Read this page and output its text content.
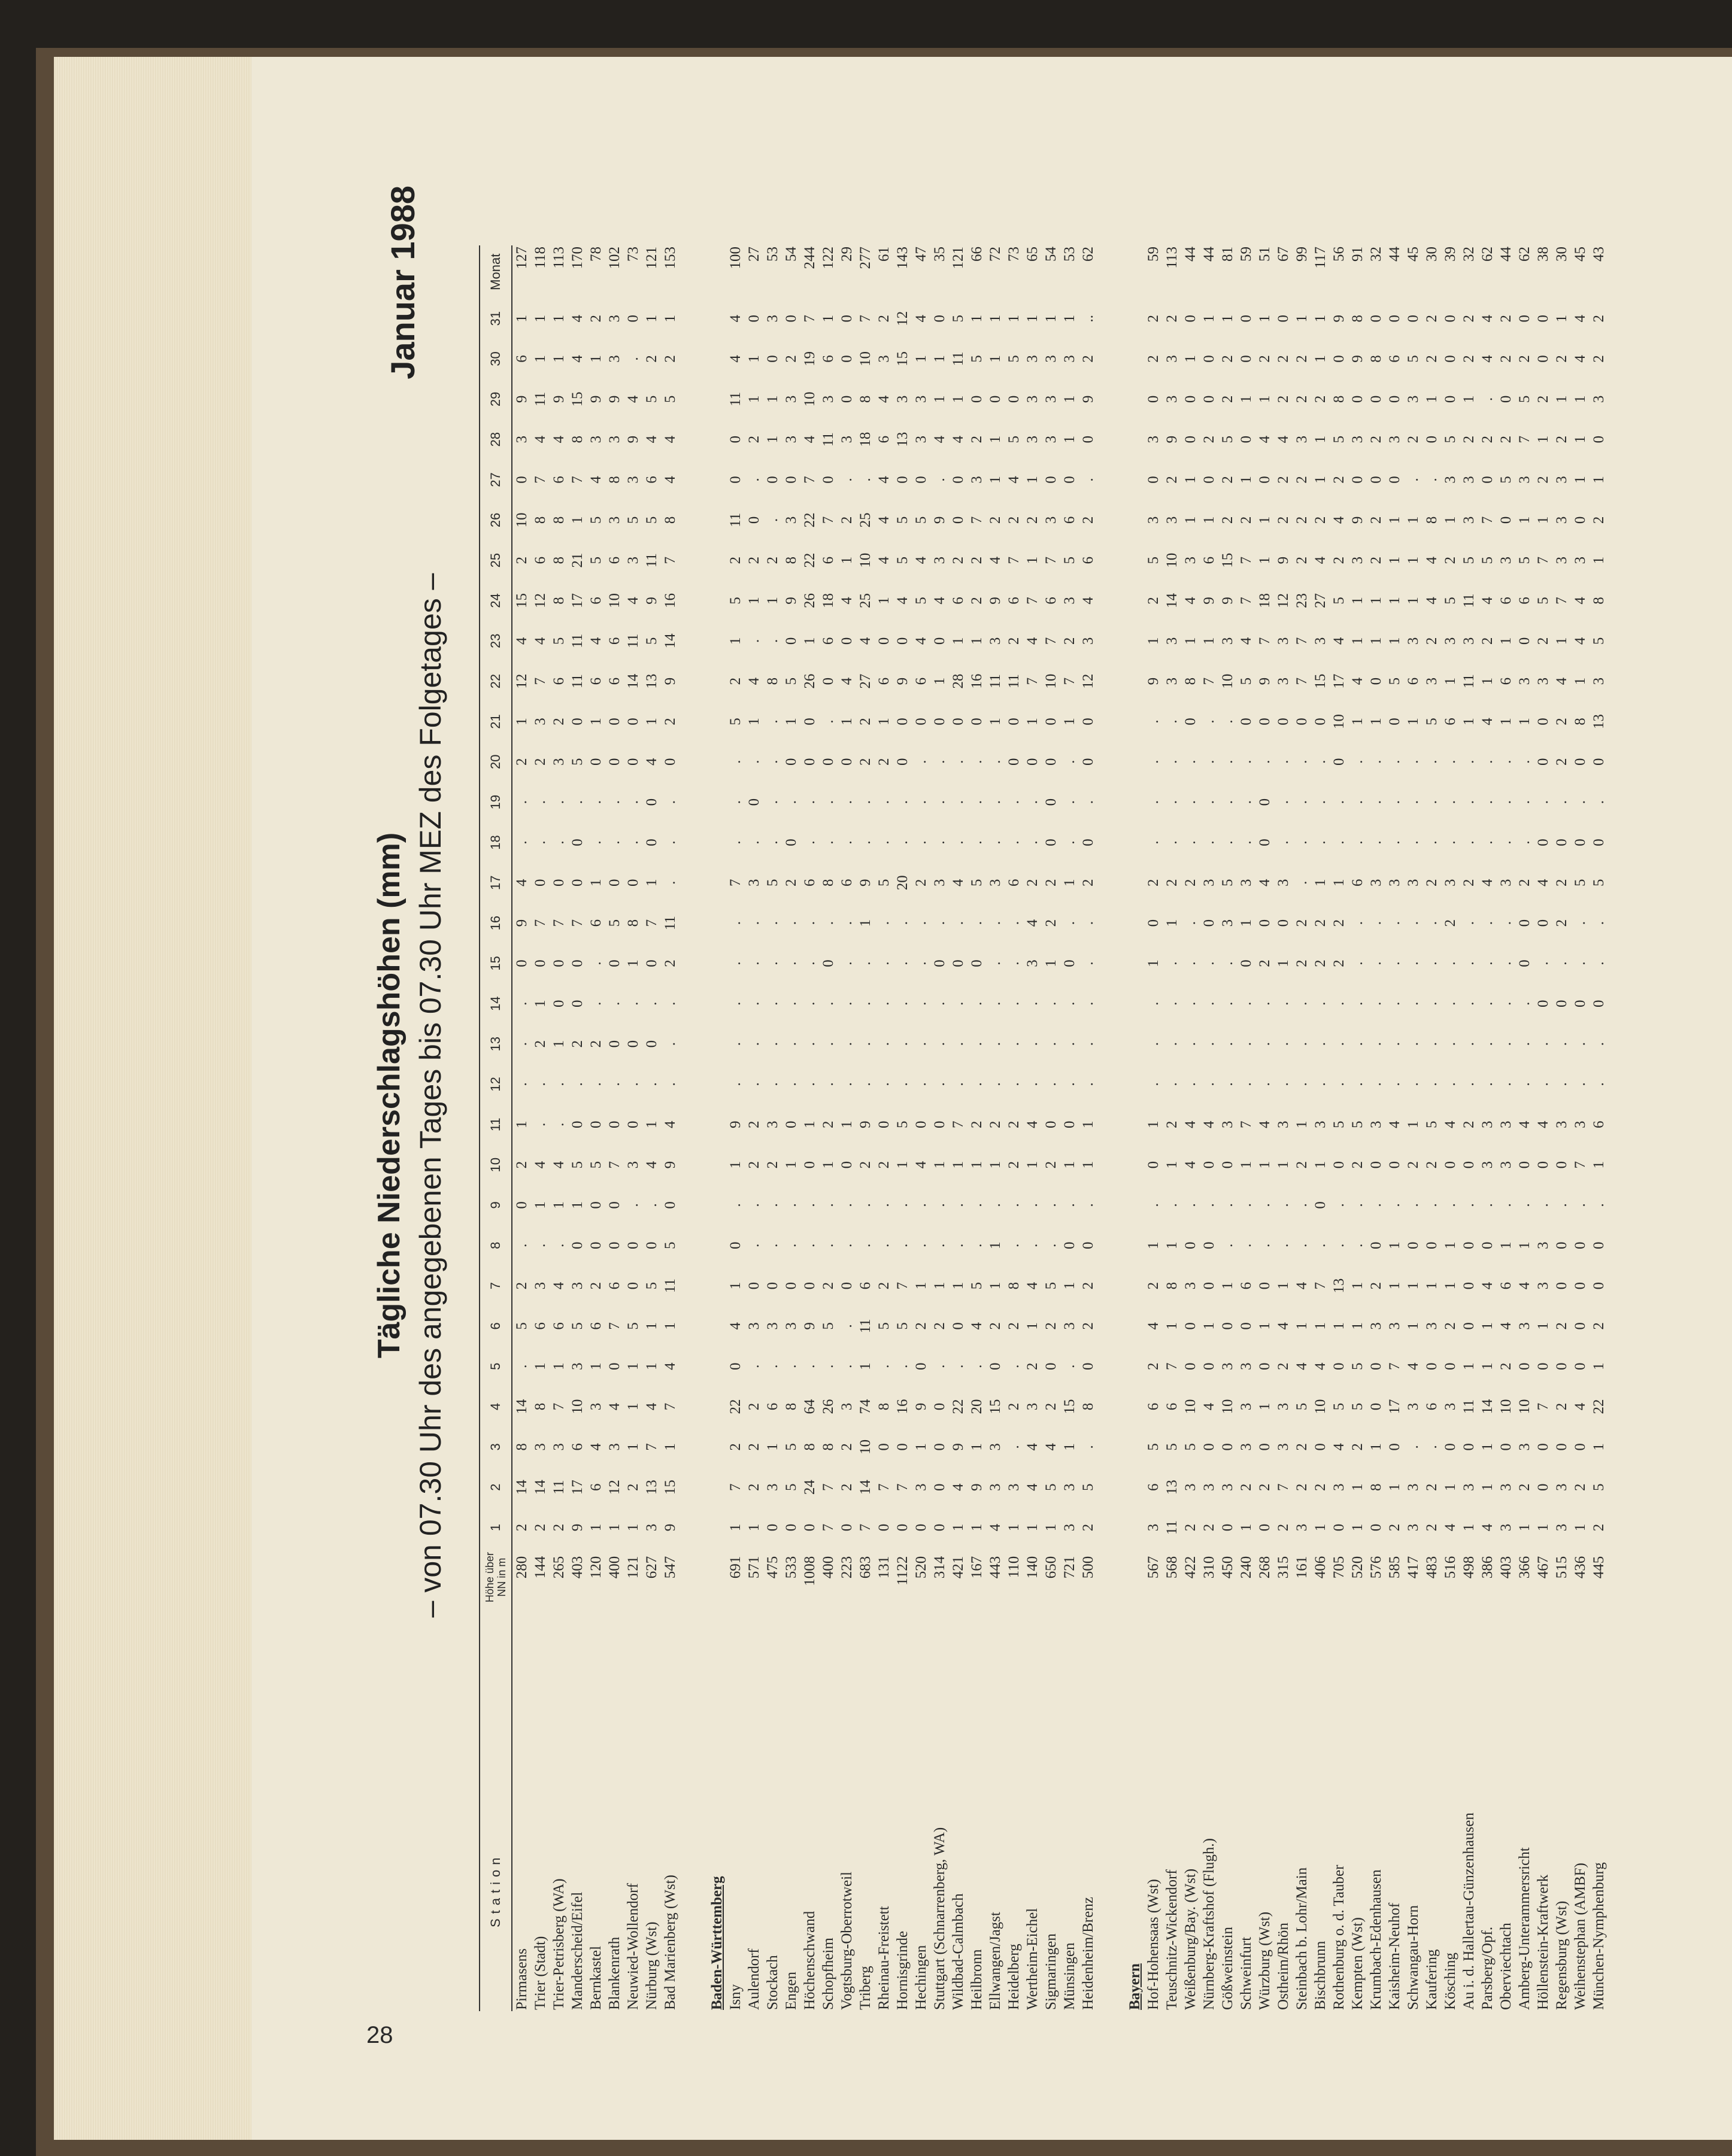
28
Januar 1988
Tägliche Niederschlagshöhen (mm) – von 07.30 Uhr des angegebenen Tages bis 07.30 Uhr MEZ des Folgetages –
Station	Höhe über NN in m	1	2	3	4	5	6	7	8	9	10	11	12	13	14	15	16	17	18	19	20	21	22	23	24	25	26	27	28	29	30	31	Monat
Pirmasens	280	2	14	8	14	.	5	2	.	0	2	1	.	.	.	0	9	4	.	.	2	1	12	4	15	2	10	0	3	9	6	1	127
Trier (Stadt)	144	2	14	3	8	1	6	3	.	1	4	.	.	2	1	0	7	0	.	.	2	3	7	4	12	6	8	7	4	11	1	1	118
Trier-Petrisberg (WA)	265	2	11	3	7	1	6	4	.	1	4	.	.	1	0	0	7	0	.	.	3	2	6	5	8	8	8	6	4	9	1	1	113
Manderscheid/Eifel	403	9	17	6	10	3	5	3	0	1	5	0	.	2	0	0	7	0	0	.	5	0	11	11	17	21	1	7	8	15	4	4	170
Bernkastel	120	1	6	4	3	1	6	2	0	0	5	0	.	2	.	.	6	1	.	.	0	1	6	4	6	5	5	4	3	9	1	2	78
Blankenrath	400	1	12	3	4	0	7	6	0	0	7	0	.	0	.	0	5	0	.	.	0	0	6	6	10	6	3	8	3	9	3	3	102
Neuwied-Wollendorf	121	1	2	1	1	1	5	0	0	.	3	0	.	0	.	1	8	0	.	.	0	0	14	11	4	3	5	3	9	4	.	0	73
Nürburg (Wst)	627	3	13	7	4	1	1	5	0	.	4	1	.	0	.	0	7	1	0	0	4	1	13	5	9	11	5	6	4	5	2	1	121
Bad Marienberg (Wst)	547	9	15	1	7	4	1	11	5	0	9	4	.	.	.	2	11	.	.	.	0	2	9	14	16	7	8	4	4	5	2	1	153

Baden-Württemberg																																	
Isny	691	1	7	2	22	0	4	1	0	.	1	9	.	.	.	.	.	7	.	.	.	5	2	1	5	2	11	0	0	11	4	4	100
Aulendorf	571	1	2	2	2	.	3	0	.	.	2	2	.	.	.	.	.	3	.	0	.	1	4	.	1	2	0	.	2	1	1	0	27
Stockach	475	0	3	1	6	.	3	0	.	.	2	3	.	.	.	.	.	5	.	.	.	.	8	.	1	2	.	0	1	1	0	3	53
Engen	533	0	5	5	8	.	3	0	.	.	1	0	.	.	.	.	.	2	0	.	0	1	5	0	9	8	3	0	3	3	2	0	54
Höchenschwand	1008	0	24	8	64	.	9	0	.	.	0	1	.	.	.	.	.	6	.	.	0	0	26	1	26	22	22	7	4	10	19	7	244
Schopfheim	400	7	7	8	26	.	5	2	.	.	1	2	.	.	.	0	.	8	.	.	0	.	0	6	18	6	7	0	11	3	6	1	122
Vogtsburg-Oberrotweil	223	0	2	2	3	.	.	0	.	.	0	1	.	.	.	.	.	6	.	.	0	1	4	0	4	1	2	.	3	0	0	0	29
Triberg	683	7	14	10	74	1	11	6	.	.	2	9	.	.	.	.	1	9	.	.	2	2	27	4	25	10	25	.	18	8	10	7	277
Rheinau-Freistett	131	0	7	0	8	.	5	2	.	.	2	0	.	.	.	.	.	5	.	.	2	1	6	0	1	4	4	4	6	4	3	2	61
Hornisgrinde	1122	0	7	0	16	.	5	7	.	.	1	5	.	.	.	.	.	20	.	.	0	0	9	0	4	5	5	0	13	3	15	12	143
Hechingen	520	0	3	1	9	0	2	1	.	.	4	0	.	.	.	.	.	2	.	.	.	0	6	4	5	4	5	0	3	3	1	4	47
Stuttgart (Schnarrenberg, WA)	314	0	0	0	0	.	2	1	.	.	1	0	.	.	.	0	.	3	.	.	.	0	1	0	4	3	9	.	4	1	1	0	35
Wildbad-Calmbach	421	1	4	9	22	.	0	1	.	.	1	7	.	.	.	0	.	4	.	.	.	0	28	1	6	2	0	0	4	1	11	5	121
Heilbronn	167	1	9	1	20	.	4	5	.	.	1	2	.	.	.	0	.	5	.	.	.	0	16	1	2	2	7	3	2	0	5	1	66
Ellwangen/Jagst	443	4	3	3	15	0	2	1	1	.	1	2	.	.	.	.	.	3	.	.	.	1	11	3	9	4	2	1	1	0	1	1	72
Heidelberg	110	1	3	.	2	.	2	8	.	.	2	2	.	.	.	.	.	6	.	.	0	0	11	2	6	7	2	4	5	0	5	1	73
Wertheim-Eichel	140	1	4	4	3	2	1	4	.	.	1	4	.	.	.	3	4	2	.	.	0	1	7	4	7	1	2	1	3	3	3	1	65
Sigmaringen	650	1	5	4	2	0	2	5	.	.	2	0	.	.	.	1	2	2	0	0	0	0	10	7	6	7	3	0	3	3	3	1	54
Münsingen	721	3	3	1	15	.	3	1	0	.	1	0	.	.	.	0	.	1	.	.	.	1	7	2	3	5	6	0	1	1	3	1	53
Heidenheim/Brenz	500	2	5	.	8	0	2	2	0	.	1	1	.	.	.	.	.	2	0	.	0	0	12	3	4	6	2	.	0	9	2	..	62

Bayern																																	
Hof-Hohensaas (Wst)	567	3	6	5	6	2	4	2	1	.	0	1	.	.	.	1	0	2	.	.	.	.	9	1	2	5	3	0	3	0	2	2	59
Teuschnitz-Wickendorf	568	11	13	5	6	7	1	8	1	.	1	2	.	.	.	.	1	2	.	.	.	.	3	3	14	10	3	2	9	3	3	2	113
Weißenburg/Bay. (Wst)	422	2	3	5	10	0	0	3	0	.	4	4	.	.	.	.	.	2	.	.	.	0	8	1	4	3	1	1	0	0	1	0	44
Nürnberg-Kraftshof (Flugh.)	310	2	3	0	4	0	1	0	0	.	0	4	.	.	.	.	0	3	.	.	.	.	7	1	9	6	1	0	2	0	0	1	44
Gößweinstein	450	0	3	0	10	3	0	1	.	.	0	3	.	.	.	.	3	5	.	.	.	.	10	3	9	15	2	2	5	2	2	1	81
Schweinfurt	240	1	2	3	3	3	0	6	.	.	1	7	.	.	.	0	1	3	.	.	.	0	5	4	7	7	2	1	0	1	0	0	59
Würzburg (Wst)	268	0	2	0	1	0	1	0	.	.	1	4	.	.	.	2	0	4	0	0	.	0	9	7	18	1	1	0	4	1	2	1	51
Ostheim/Rhön	315	2	7	3	3	2	4	1	.	.	1	3	.	.	.	1	0	3	.	.	.	0	3	3	12	9	2	2	4	2	2	0	67
Steinbach b. Lohr/Main	161	3	2	2	5	4	1	4	.	.	2	1	.	.	.	2	2	.	.	.	.	0	7	7	23	2	2	2	3	2	2	1	99
Bischbrunn	406	1	2	0	10	4	1	7	.	0	1	3	.	.	.	2	2	1	.	.	.	0	15	3	27	4	2	1	1	2	1	1	117
Rothenburg o. d. Tauber	705	0	3	4	5	0	1	13	.	.	0	5	.	.	.	2	2	1	.	.	0	10	17	4	5	2	4	2	5	8	0	9	56
Kempten (Wst)	520	1	1	2	5	5	1	1	.	.	2	5	.	.	.	.	.	6	.	.	.	1	4	1	1	3	9	0	3	0	9	8	91
Krumbach-Edenhausen	576	0	8	1	0	0	3	2	0	.	0	3	.	.	.	.	.	3	.	.	.	1	0	1	1	2	2	0	2	0	8	0	32
Kaisheim-Neuhof	585	2	1	0	17	7	3	1	1	.	0	4	.	.	.	.	.	3	.	.	.	0	5	1	1	1	1	0	3	0	6	0	44
Schwangau-Horn	417	3	3	.	3	4	1	1	0	.	2	1	.	.	.	.	.	3	.	.	.	1	6	3	1	1	1	.	2	3	5	0	45
Kaufering	483	2	2	.	6	0	3	1	0	.	2	5	.	.	.	.	.	2	.	.	.	5	3	2	4	4	8	.	0	1	2	2	30
Kösching	516	4	1	0	3	0	2	1	1	.	0	4	.	.	.	.	2	3	.	.	.	6	1	3	5	2	1	3	5	0	0	0	39
Au i. d. Hallertau-Günzenhausen	498	1	3	0	11	1	0	0	0	.	0	2	.	.	.	.	.	2	.	.	.	1	11	3	11	5	3	3	2	1	2	2	32
Parsberg/Opf.	386	4	1	1	14	1	1	4	0	.	3	3	.	.	.	.	.	4	.	.	.	4	1	2	4	5	7	0	2	.	4	4	62
Oberviechtach	403	3	3	0	10	2	4	6	1	.	3	3	.	.	.	.	.	3	.	.	.	1	6	1	6	3	0	5	2	0	2	2	44
Amberg-Unterammersricht	366	1	2	3	10	0	3	4	1	.	0	4	.	.	.	0	0	2	.	.	.	1	3	0	6	5	1	3	7	5	2	0	62
Höllenstein-Kraftwerk	467	1	0	0	7	0	1	3	3	.	0	4	.	.	0	.	0	4	0	.	0	0	3	2	5	7	1	2	1	2	0	0	38
Regensburg (Wst)	515	3	3	0	2	0	2	0	0	.	0	3	.	.	0	.	2	2	0	.	2	2	4	1	7	3	3	3	2	1	2	1	30
Weihenstephan (AMBF)	436	1	2	0	4	0	0	0	0	.	7	3	.	.	0	.	.	5	0	.	0	8	1	4	4	3	0	1	1	1	4	4	45
München-Nymphenburg	445	2	5	1	22	1	2	0	0	.	1	6	.	.	0	.	.	5	0	.	0	13	3	5	8	1	2	1	0	3	2	2	43
